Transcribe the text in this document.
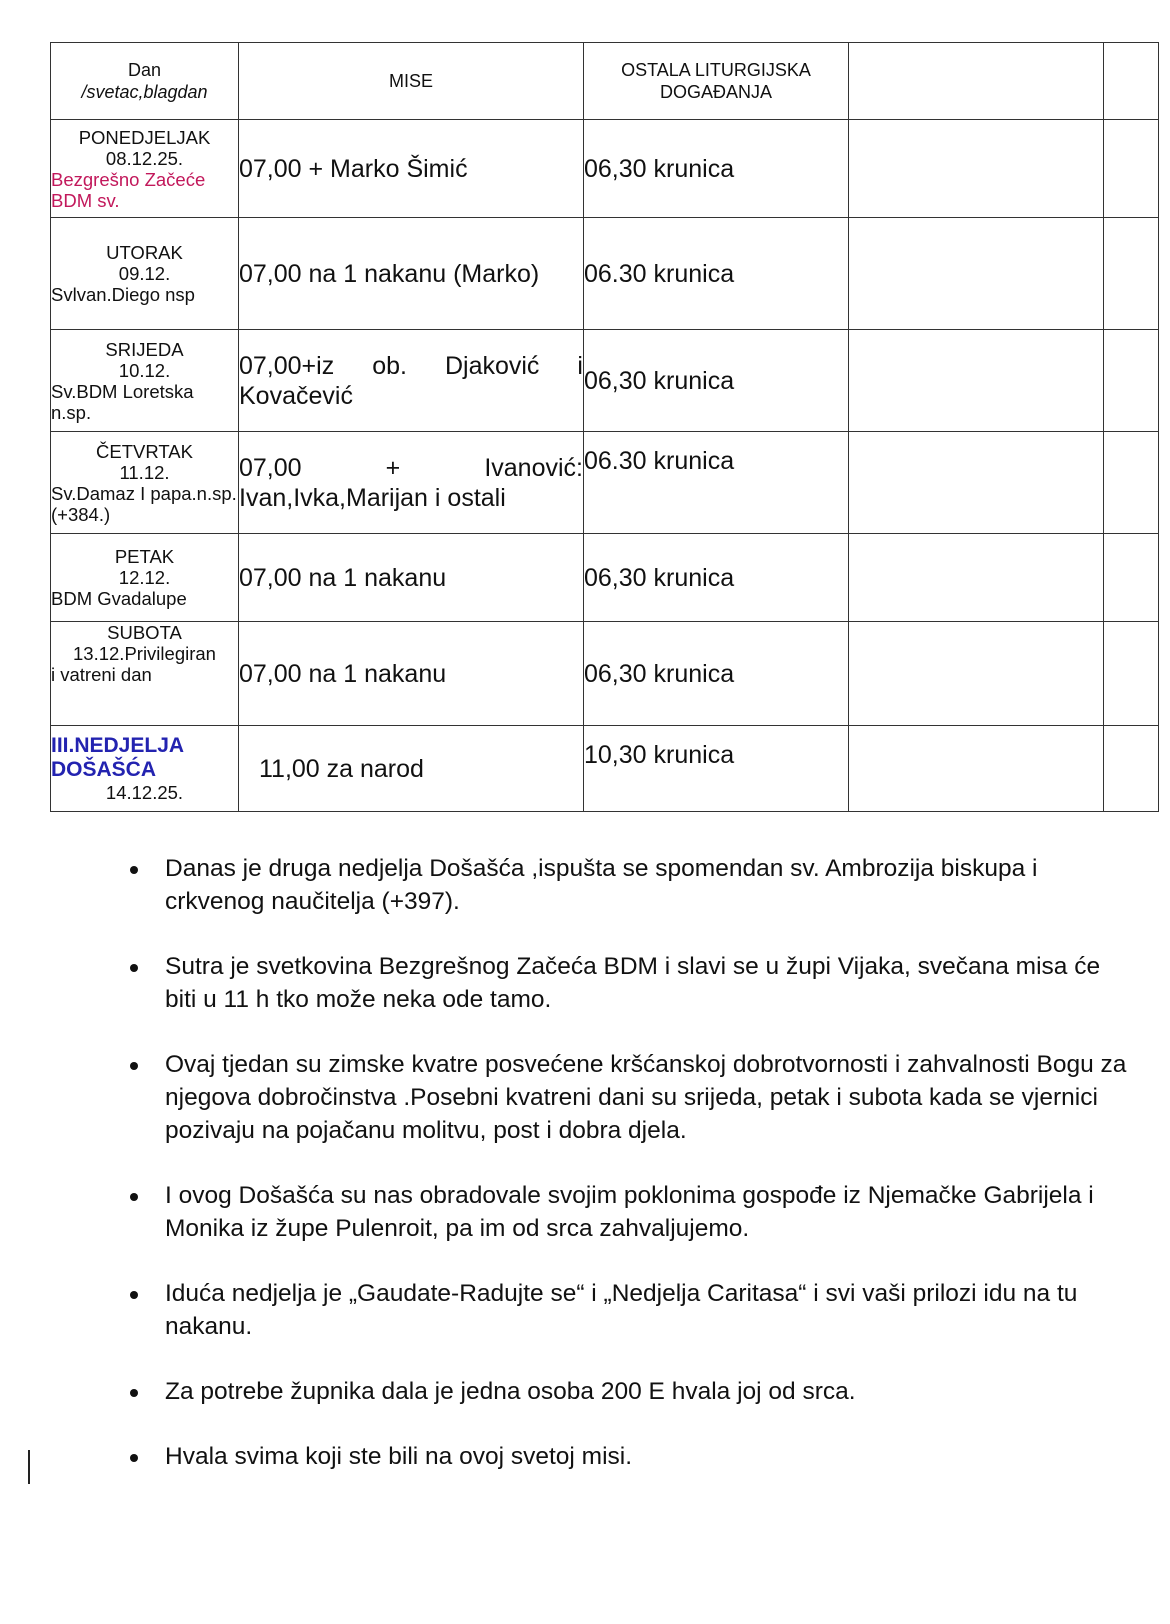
Dan
/svetac,blagdan	MISE	OSTALA LITURGIJSKA
DOGAĐANJA		
PONEDJELJAK
08.12.25.
Bezgrešno Začeće BDM sv.	07,00 + Marko Šimić	06,30 krunica		
UTORAK
09.12.
Svlvan.Diego nsp	07,00 na 1 nakanu (Marko)	06.30 krunica		
SRIJEDA
10.12.
Sv.BDM Loretska n.sp.	07,00+iz ob. Djaković i Kovačević	06,30 krunica		
ČETVRTAK
11.12.
Sv.Damaz I papa.n.sp.(+384.)	07,00 + Ivanović: Ivan,Ivka,Marijan i ostali	06.30 krunica		
PETAK
12.12.
BDM Gvadalupe	07,00 na 1 nakanu	06,30 krunica		
SUBOTA
13.12.Privilegiran
i vatreni dan	07,00 na 1 nakanu	06,30 krunica		

III.NEDJELJA
DOŠAŠĆA
14.12.25.	11,00 za narod	10,30 krunica		
Danas je druga nedjelja Došašća ,ispušta se spomendan sv. Ambrozija biskupa i crkvenog naučitelja (+397).
Sutra je svetkovina Bezgrešnog Začeća BDM i slavi se u župi Vijaka, svečana misa će biti u 11 h tko može neka ode tamo.
Ovaj tjedan su zimske kvatre posvećene kršćanskoj dobrotvornosti i zahvalnosti Bogu za njegova dobročinstva .Posebni kvatreni dani su srijeda, petak i subota kada se vjernici pozivaju na pojačanu molitvu, post i dobra djela.
I ovog Došašća su nas obradovale svojim poklonima gospođe iz Njemačke Gabrijela i Monika iz župe Pulenroit, pa im od srca zahvaljujemo.
Iduća nedjelja je „Gaudate-Radujte se“ i „Nedjelja Caritasa“ i svi vaši prilozi idu na tu nakanu.
Za potrebe župnika dala je jedna osoba 200 E hvala joj od srca.
Hvala svima koji ste bili na ovoj svetoj misi.
